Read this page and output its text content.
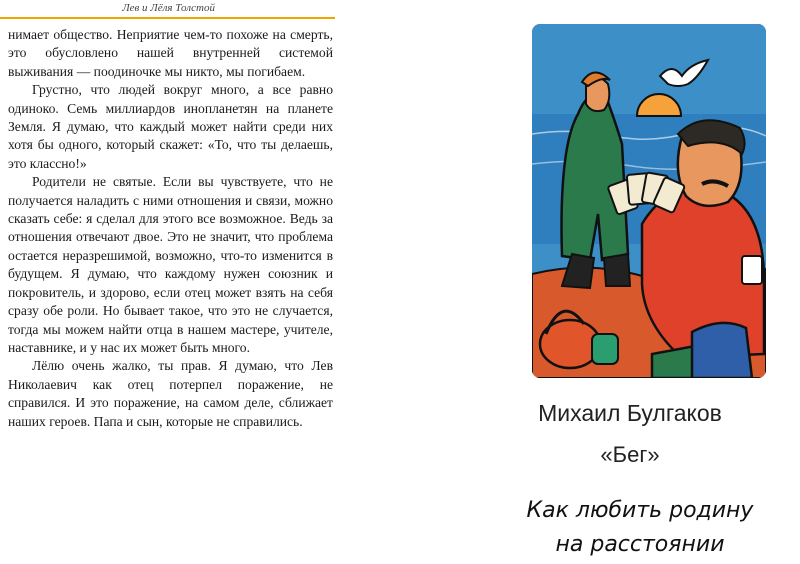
Лев и Лёля Толстой

нимает общество. Неприятие чем-то похоже на смерть, это обусловлено нашей внутренней системой выживания — поодиночке мы никто, мы погибаем.

Грустно, что людей вокруг много, а все равно одиноко. Семь миллиардов инопланетян на планете Земля. Я думаю, что каждый может найти среди них хотя бы одного, который скажет: «То, что ты делаешь, это классно!»

Родители не святые. Если вы чувствуете, что не получается наладить с ними отношения и связи, можно сказать себе: я сделал для этого все возможное. Ведь за отношения отвечают двое. Это не значит, что проблема остается неразрешимой, возможно, что-то изменится в будущем. Я думаю, что каждому нужен союзник и покровитель, и здорово, если отец может взять на себя сразу обе роли. Но бывает такое, что это не случается, тогда мы можем найти отца в нашем мастере, учителе, наставнике, и у нас их может быть много.

Лёлю очень жалко, ты прав. Я думаю, что Лев Николаевич как отец потерпел поражение, не справился. И это поражение, на самом деле, сближает наших героев. Папа и сын, которые не справились.	Михаил Булгаков
«Бег»
Как любить родину
на расстоянии
